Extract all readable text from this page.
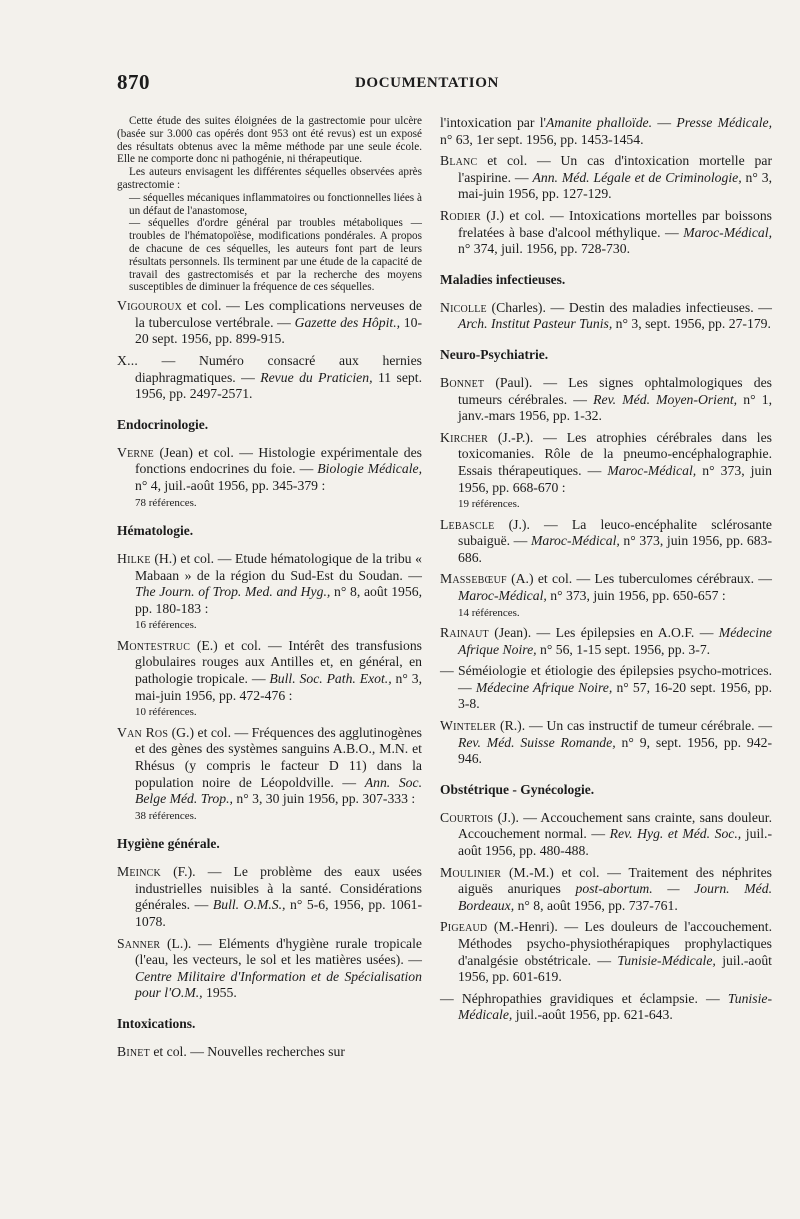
870	DOCUMENTATION

Cette étude des suites éloignées de la gastrectomie pour ulcère (basée sur 3.000 cas opérés dont 953 ont été revus) est un exposé des résultats obtenus avec la même méthode par une seule école. Elle ne comporte donc ni pathogénie, ni thérapeutique.

Les auteurs envisagent les différentes séquelles observées après gastrectomie :

— séquelles mécaniques inflammatoires ou fonctionnelles liées à un défaut de l'anastomose,

— séquelles d'ordre général par troubles métaboliques — troubles de l'hématopoïèse, modifications pondérales. A propos de chacune de ces séquelles, les auteurs font part de leurs résultats personnels. Ils terminent par une étude de la capacité de travail des gastrectomisés et par la recherche des moyens susceptibles de diminuer la fréquence de ces séquelles.

Vigouroux et col. — Les complications nerveuses de la tuberculose vertébrale. — Gazette des Hôpit., 10-20 sept. 1956, pp. 899-915.

X... — Numéro consacré aux hernies diaphragmatiques. — Revue du Praticien, 11 sept. 1956, pp. 2497-2571.

Endocrinologie.

Verne (Jean) et col. — Histologie expérimentale des fonctions endocrines du foie. — Biologie Médicale, n° 4, juil.-août 1956, pp. 345-379 :

78 références.
Hématologie.

Hilke (H.) et col. — Etude hématologique de la tribu « Mabaan » de la région du Sud-Est du Soudan. — The Journ. of Trop. Med. and Hyg., n° 8, août 1956, pp. 180-183 :

16 références.

Montestruc (E.) et col. — Intérêt des transfusions globulaires rouges aux Antilles et, en général, en pathologie tropicale. — Bull. Soc. Path. Exot., n° 3, mai-juin 1956, pp. 472-476 :

10 références.

Van Ros (G.) et col. — Fréquences des agglutinogènes et des gènes des systèmes sanguins A.B.O., M.N. et Rhésus (y compris le facteur D 11) dans la population noire de Léopoldville. — Ann. Soc. Belge Méd. Trop., n° 3, 30 juin 1956, pp. 307-333 :

38 références.
Hygiène générale.

Meinck (F.). — Le problème des eaux usées industrielles nuisibles à la santé. Considérations générales. — Bull. O.M.S., n° 5-6, 1956, pp. 1061-1078.

Sanner (L.). — Eléments d'hygiène rurale tropicale (l'eau, les vecteurs, le sol et les matières usées). — Centre Militaire d'Information et de Spécialisation pour l'O.M., 1955.

Intoxications.

Binet et col. — Nouvelles recherches sur

l'intoxication par l'Amanite phalloïde. — Presse Médicale, n° 63, 1er sept. 1956, pp. 1453-1454.

Blanc et col. — Un cas d'intoxication mortelle par l'aspirine. — Ann. Méd. Légale et de Criminologie, n° 3, mai-juin 1956, pp. 127-129.

Rodier (J.) et col. — Intoxications mortelles par boissons frelatées à base d'alcool méthylique. — Maroc-Médical, n° 374, juil. 1956, pp. 728-730.

Maladies infectieuses.

Nicolle (Charles). — Destin des maladies infectieuses. — Arch. Institut Pasteur Tunis, n° 3, sept. 1956, pp. 27-179.

Neuro-Psychiatrie.

Bonnet (Paul). — Les signes ophtalmologiques des tumeurs cérébrales. — Rev. Méd. Moyen-Orient, n° 1, janv.-mars 1956, pp. 1-32.

Kircher (J.-P.). — Les atrophies cérébrales dans les toxicomanies. Rôle de la pneumo-encéphalographie. Essais thérapeutiques. — Maroc-Médical, n° 373, juin 1956, pp. 668-670 :

19 références.

Lebascle (J.). — La leuco-encéphalite sclérosante subaiguë. — Maroc-Médical, n° 373, juin 1956, pp. 683-686.

Massebœuf (A.) et col. — Les tuberculomes cérébraux. — Maroc-Médical, n° 373, juin 1956, pp. 650-657 :

14 références.

Rainaut (Jean). — Les épilepsies en A.O.F. — Médecine Afrique Noire, n° 56, 1-15 sept. 1956, pp. 3-7.

— Séméiologie et étiologie des épilepsies psycho-motrices. — Médecine Afrique Noire, n° 57, 16-20 sept. 1956, pp. 3-8.

Winteler (R.). — Un cas instructif de tumeur cérébrale. — Rev. Méd. Suisse Romande, n° 9, sept. 1956, pp. 942-946.

Obstétrique - Gynécologie.

Courtois (J.). — Accouchement sans crainte, sans douleur. Accouchement normal. — Rev. Hyg. et Méd. Soc., juil.-août 1956, pp. 480-488.

Moulinier (M.-M.) et col. — Traitement des néphrites aiguës anuriques post-abortum. — Journ. Méd. Bordeaux, n° 8, août 1956, pp. 737-761.

Pigeaud (M.-Henri). — Les douleurs de l'accouchement. Méthodes psycho-physiothérapiques prophylactiques d'analgésie obstétricale. — Tunisie-Médicale, juil.-août 1956, pp. 601-619.

— Néphropathies gravidiques et éclampsie. — Tunisie-Médicale, juil.-août 1956, pp. 621-643.
